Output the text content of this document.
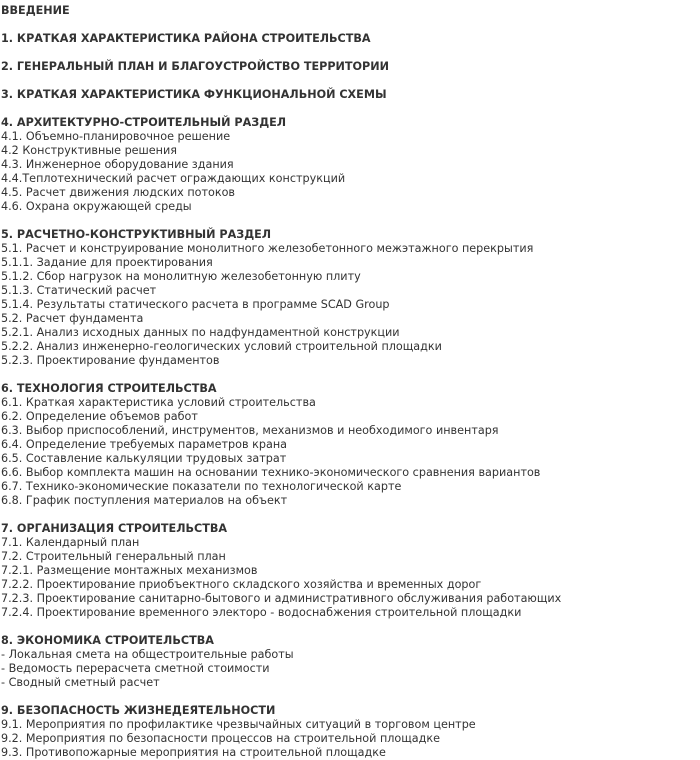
ВВЕДЕНИЕ
1. КРАТКАЯ ХАРАКТЕРИСТИКА РАЙОНА СТРОИТЕЛЬСТВА
2. ГЕНЕРАЛЬНЫЙ ПЛАН И БЛАГОУСТРОЙСТВО ТЕРРИТОРИИ
3. КРАТКАЯ ХАРАКТЕРИСТИКА ФУНКЦИОНАЛЬНОЙ СХЕМЫ
4. АРХИТЕКТУРНО-СТРОИТЕЛЬНЫЙ РАЗДЕЛ
4.1. Объемно-планировочное решение
4.2 Конструктивные решения
4.3. Инженерное оборудование здания
4.4.Теплотехнический расчет ограждающих конструкций
4.5. Расчет движения людских потоков
4.6. Охрана окружающей среды
5. РАСЧЕТНО-КОНСТРУКТИВНЫЙ РАЗДЕЛ
5.1. Расчет и конструирование монолитного железобетонного межэтажного перекрытия
5.1.1. Задание для проектирования
5.1.2. Сбор нагрузок на монолитную железобетонную плиту
5.1.3. Статический расчет
5.1.4. Результаты статического расчета в программе SCAD Group
5.2. Расчет фундамента
5.2.1. Анализ исходных данных по надфундаментной конструкции
5.2.2. Анализ инженерно-геологических условий строительной площадки
5.2.3. Проектирование фундаментов
6. ТЕХНОЛОГИЯ СТРОИТЕЛЬСТВА
6.1. Краткая характеристика условий строительства
6.2. Определение объемов работ
6.3. Выбор приспособлений, инструментов, механизмов и необходимого инвентаря
6.4. Определение требуемых параметров крана
6.5. Составление калькуляции трудовых затрат
6.6. Выбор комплекта машин на основании технико-экономического сравнения вариантов
6.7. Технико-экономические показатели по технологической карте
6.8. График поступления материалов на объект
7. ОРГАНИЗАЦИЯ СТРОИТЕЛЬСТВА
7.1. Календарный план
7.2. Строительный генеральный план
7.2.1. Размещение монтажных механизмов
7.2.2. Проектирование приобъектного складского хозяйства и временных дорог
7.2.3. Проектирование санитарно-бытового и административного обслуживания работающих
7.2.4. Проектирование временного электоро - водоснабжения строительной площадки
8. ЭКОНОМИКА СТРОИТЕЛЬСТВА
- Локальная смета на общестроительные работы
- Ведомость перерасчета сметной стоимости
- Сводный сметный расчет
9. БЕЗОПАСНОСТЬ ЖИЗНЕДЕЯТЕЛЬНОСТИ
9.1. Мероприятия по профилактике чрезвычайных ситуаций в торговом центре
9.2. Мероприятия по безопасности процессов на строительной площадке
9.3. Противопожарные мероприятия на строительной площадке
